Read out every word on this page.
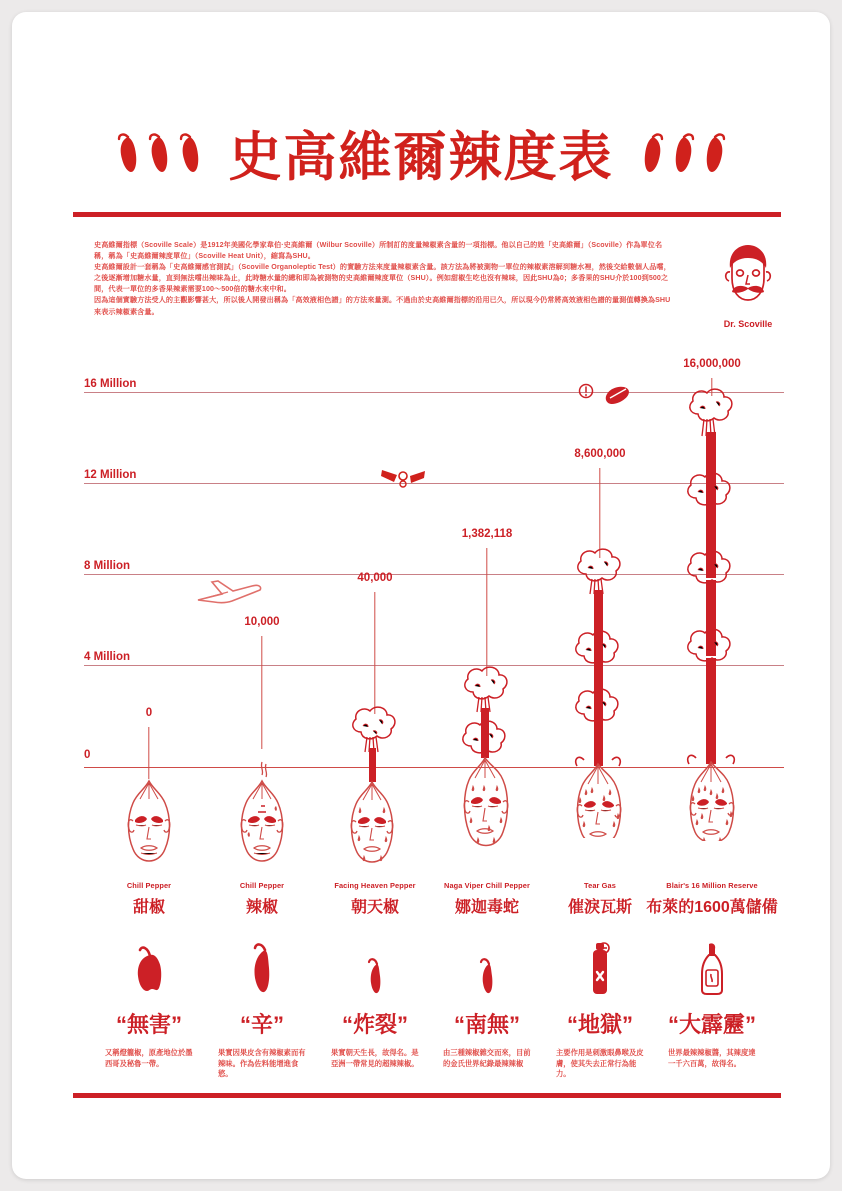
史高維爾辣度表

史高維爾指標（Scoville Scale）是1912年美國化學家韋伯·史高維爾（Wilbur Scoville）所制訂的度量辣椒素含量的一項指標。他以自己的姓「史高維爾」（Scoville）作為單位名稱，稱為「史高維爾辣度單位」（Scoville Heat Unit），縮寫為SHU。

史高維爾設計一套稱為「史高維爾感官測試」（Scoville Organoleptic Test）的實驗方法來度量辣椒素含量。該方法為將被測物一單位的辣椒素溶解到糖水裡，然後交給數個人品嚐，之後逐漸增加糖水量，直到無法嚐出辣味為止，此時糖水量的總和即為被測物的史高維爾辣度單位（SHU）。例如甜椒生吃也沒有辣味，因此SHU為0；多香果的SHU介於100到500之間，代表一單位的多香果辣素需要100～500倍的糖水來中和。

因為這個實驗方法受人的主觀影響甚大，所以後人開發出稱為「高效液相色譜」的方法來量測。不過由於史高維爾指標的沿用已久，所以現今仍常將高效液相色譜的量測值轉換為SHU來表示辣椒素含量。

Dr. Scoville
16 Million
12 Million
8 Million
4 Million
0
0
10,000
40,000
1,382,118
8,600,000
16,000,000
Chill Pepper
甜椒
Chill Pepper
辣椒
Facing Heaven Pepper
朝天椒
Naga Viper Chill Pepper
娜迦毒蛇
Tear Gas
催淚瓦斯
Blair's 16 Million Reserve
布萊的1600萬儲備
“無害”	“辛”	“炸裂” “南無” “地獄” “大霹靂”
又稱燈籠椒，原產地位於墨西哥及秘魯一帶。
果實因果皮含有辣椒素而有辣味。作為佐料能增進食慾。
果實朝天生長，故得名。是亞洲一帶常見的超辣辣椒。
由三種辣椒雜交而來，目前的金氏世界紀錄最辣辣椒
主要作用是刺激眼鼻喉及皮膚，使其失去正常行為能力。
世界最辣辣椒醬，其辣度達一千六百萬，故得名。
